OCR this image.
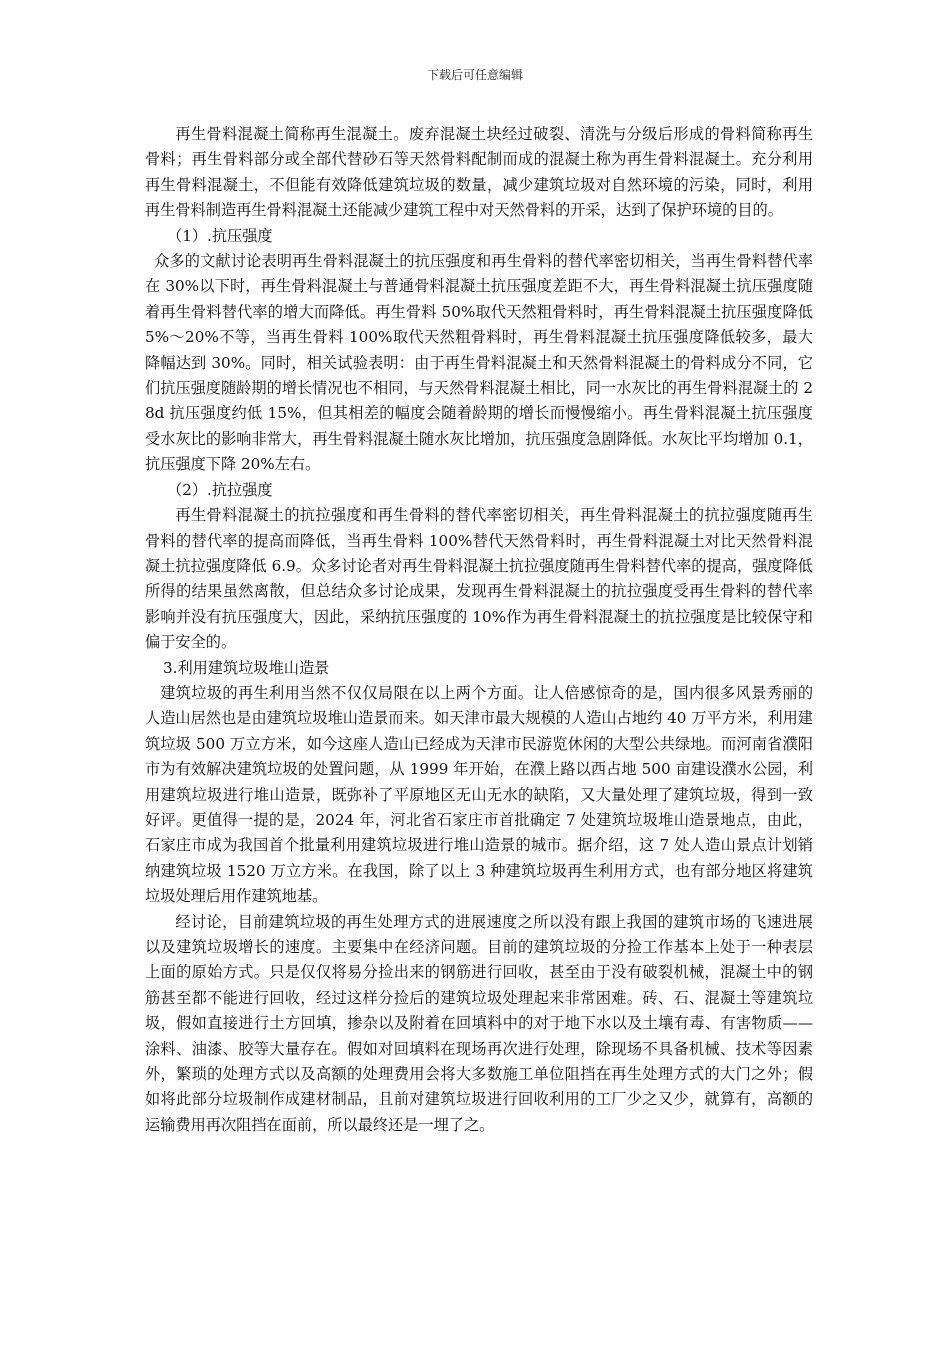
下载后可任意编辑

再生骨料混凝土简称再生混凝土。废弃混凝土块经过破裂、清洗与分级后形成的骨料简称再生骨料；再生骨料部分或全部代替砂石等天然骨料配制而成的混凝土称为再生骨料混凝土。充分利用再生骨料混凝土，不但能有效降低建筑垃圾的数量，减少建筑垃圾对自然环境的污染，同时，利用再生骨料制造再生骨料混凝土还能减少建筑工程中对天然骨料的开采，达到了保护环境的目的。

（1）.抗压强度

众多的文献讨论表明再生骨料混凝土的抗压强度和再生骨料的替代率密切相关，当再生骨料替代率在 30%以下时，再生骨料混凝土与普通骨料混凝土抗压强度差距不大，再生骨料混凝土抗压强度随着再生骨料替代率的增大而降低。再生骨料 50%取代天然粗骨料时，再生骨料混凝土抗压强度降低 5%～20%不等，当再生骨料 100%取代天然粗骨料时，再生骨料混凝土抗压强度降低较多，最大降幅达到 30%。同时，相关试验表明：由于再生骨料混凝土和天然骨料混凝土的骨料成分不同，它们抗压强度随龄期的增长情况也不相同，与天然骨料混凝土相比，同一水灰比的再生骨料混凝土的 28d 抗压强度约低 15%，但其相差的幅度会随着龄期的增长而慢慢缩小。再生骨料混凝土抗压强度受水灰比的影响非常大，再生骨料混凝土随水灰比增加，抗压强度急剧降低。水灰比平均增加 0.1，抗压强度下降 20%左右。

（2）.抗拉强度

再生骨料混凝土的抗拉强度和再生骨料的替代率密切相关，再生骨料混凝土的抗拉强度随再生骨料的替代率的提高而降低，当再生骨料 100%替代天然骨料时，再生骨料混凝土对比天然骨料混凝土抗拉强度降低 6.9。众多讨论者对再生骨料混凝土抗拉强度随再生骨料替代率的提高，强度降低所得的结果虽然离散，但总结众多讨论成果，发现再生骨料混凝土的抗拉强度受再生骨料的替代率影响并没有抗压强度大，因此，采纳抗压强度的 10%作为再生骨料混凝土的抗拉强度是比较保守和偏于安全的。

3.利用建筑垃圾堆山造景

建筑垃圾的再生利用当然不仅仅局限在以上两个方面。让人倍感惊奇的是，国内很多风景秀丽的人造山居然也是由建筑垃圾堆山造景而来。如天津市最大规模的人造山占地约 40 万平方米，利用建筑垃圾 500 万立方米，如今这座人造山已经成为天津市民游览休闲的大型公共绿地。而河南省濮阳市为有效解决建筑垃圾的处置问题，从 1999 年开始，在濮上路以西占地 500 亩建设濮水公园，利用建筑垃圾进行堆山造景，既弥补了平原地区无山无水的缺陷，又大量处理了建筑垃圾，得到一致好评。更值得一提的是，2024 年，河北省石家庄市首批确定 7 处建筑垃圾堆山造景地点，由此，石家庄市成为我国首个批量利用建筑垃圾进行堆山造景的城市。据介绍，这 7 处人造山景点计划销纳建筑垃圾 1520 万立方米。在我国，除了以上 3 种建筑垃圾再生利用方式，也有部分地区将建筑垃圾处理后用作建筑地基。

经讨论，目前建筑垃圾的再生处理方式的进展速度之所以没有跟上我国的建筑市场的飞速进展以及建筑垃圾增长的速度。主要集中在经济问题。目前的建筑垃圾的分捡工作基本上处于一种表层上面的原始方式。只是仅仅将易分捡出来的钢筋进行回收，甚至由于没有破裂机械，混凝土中的钢筋甚至都不能进行回收，经过这样分捡后的建筑垃圾处理起来非常困难。砖、石、混凝土等建筑垃圾，假如直接进行土方回填，掺杂以及附着在回填料中的对于地下水以及土壤有毒、有害物质——涂料、油漆、胶等大量存在。假如对回填料在现场再次进行处理，除现场不具备机械、技术等因素外，繁琐的处理方式以及高额的处理费用会将大多数施工单位阻挡在再生处理方式的大门之外；假如将此部分垃圾制作成建材制品，且前对建筑垃圾进行回收利用的工厂少之又少，就算有，高额的运输费用再次阻挡在面前，所以最终还是一埋了之。
